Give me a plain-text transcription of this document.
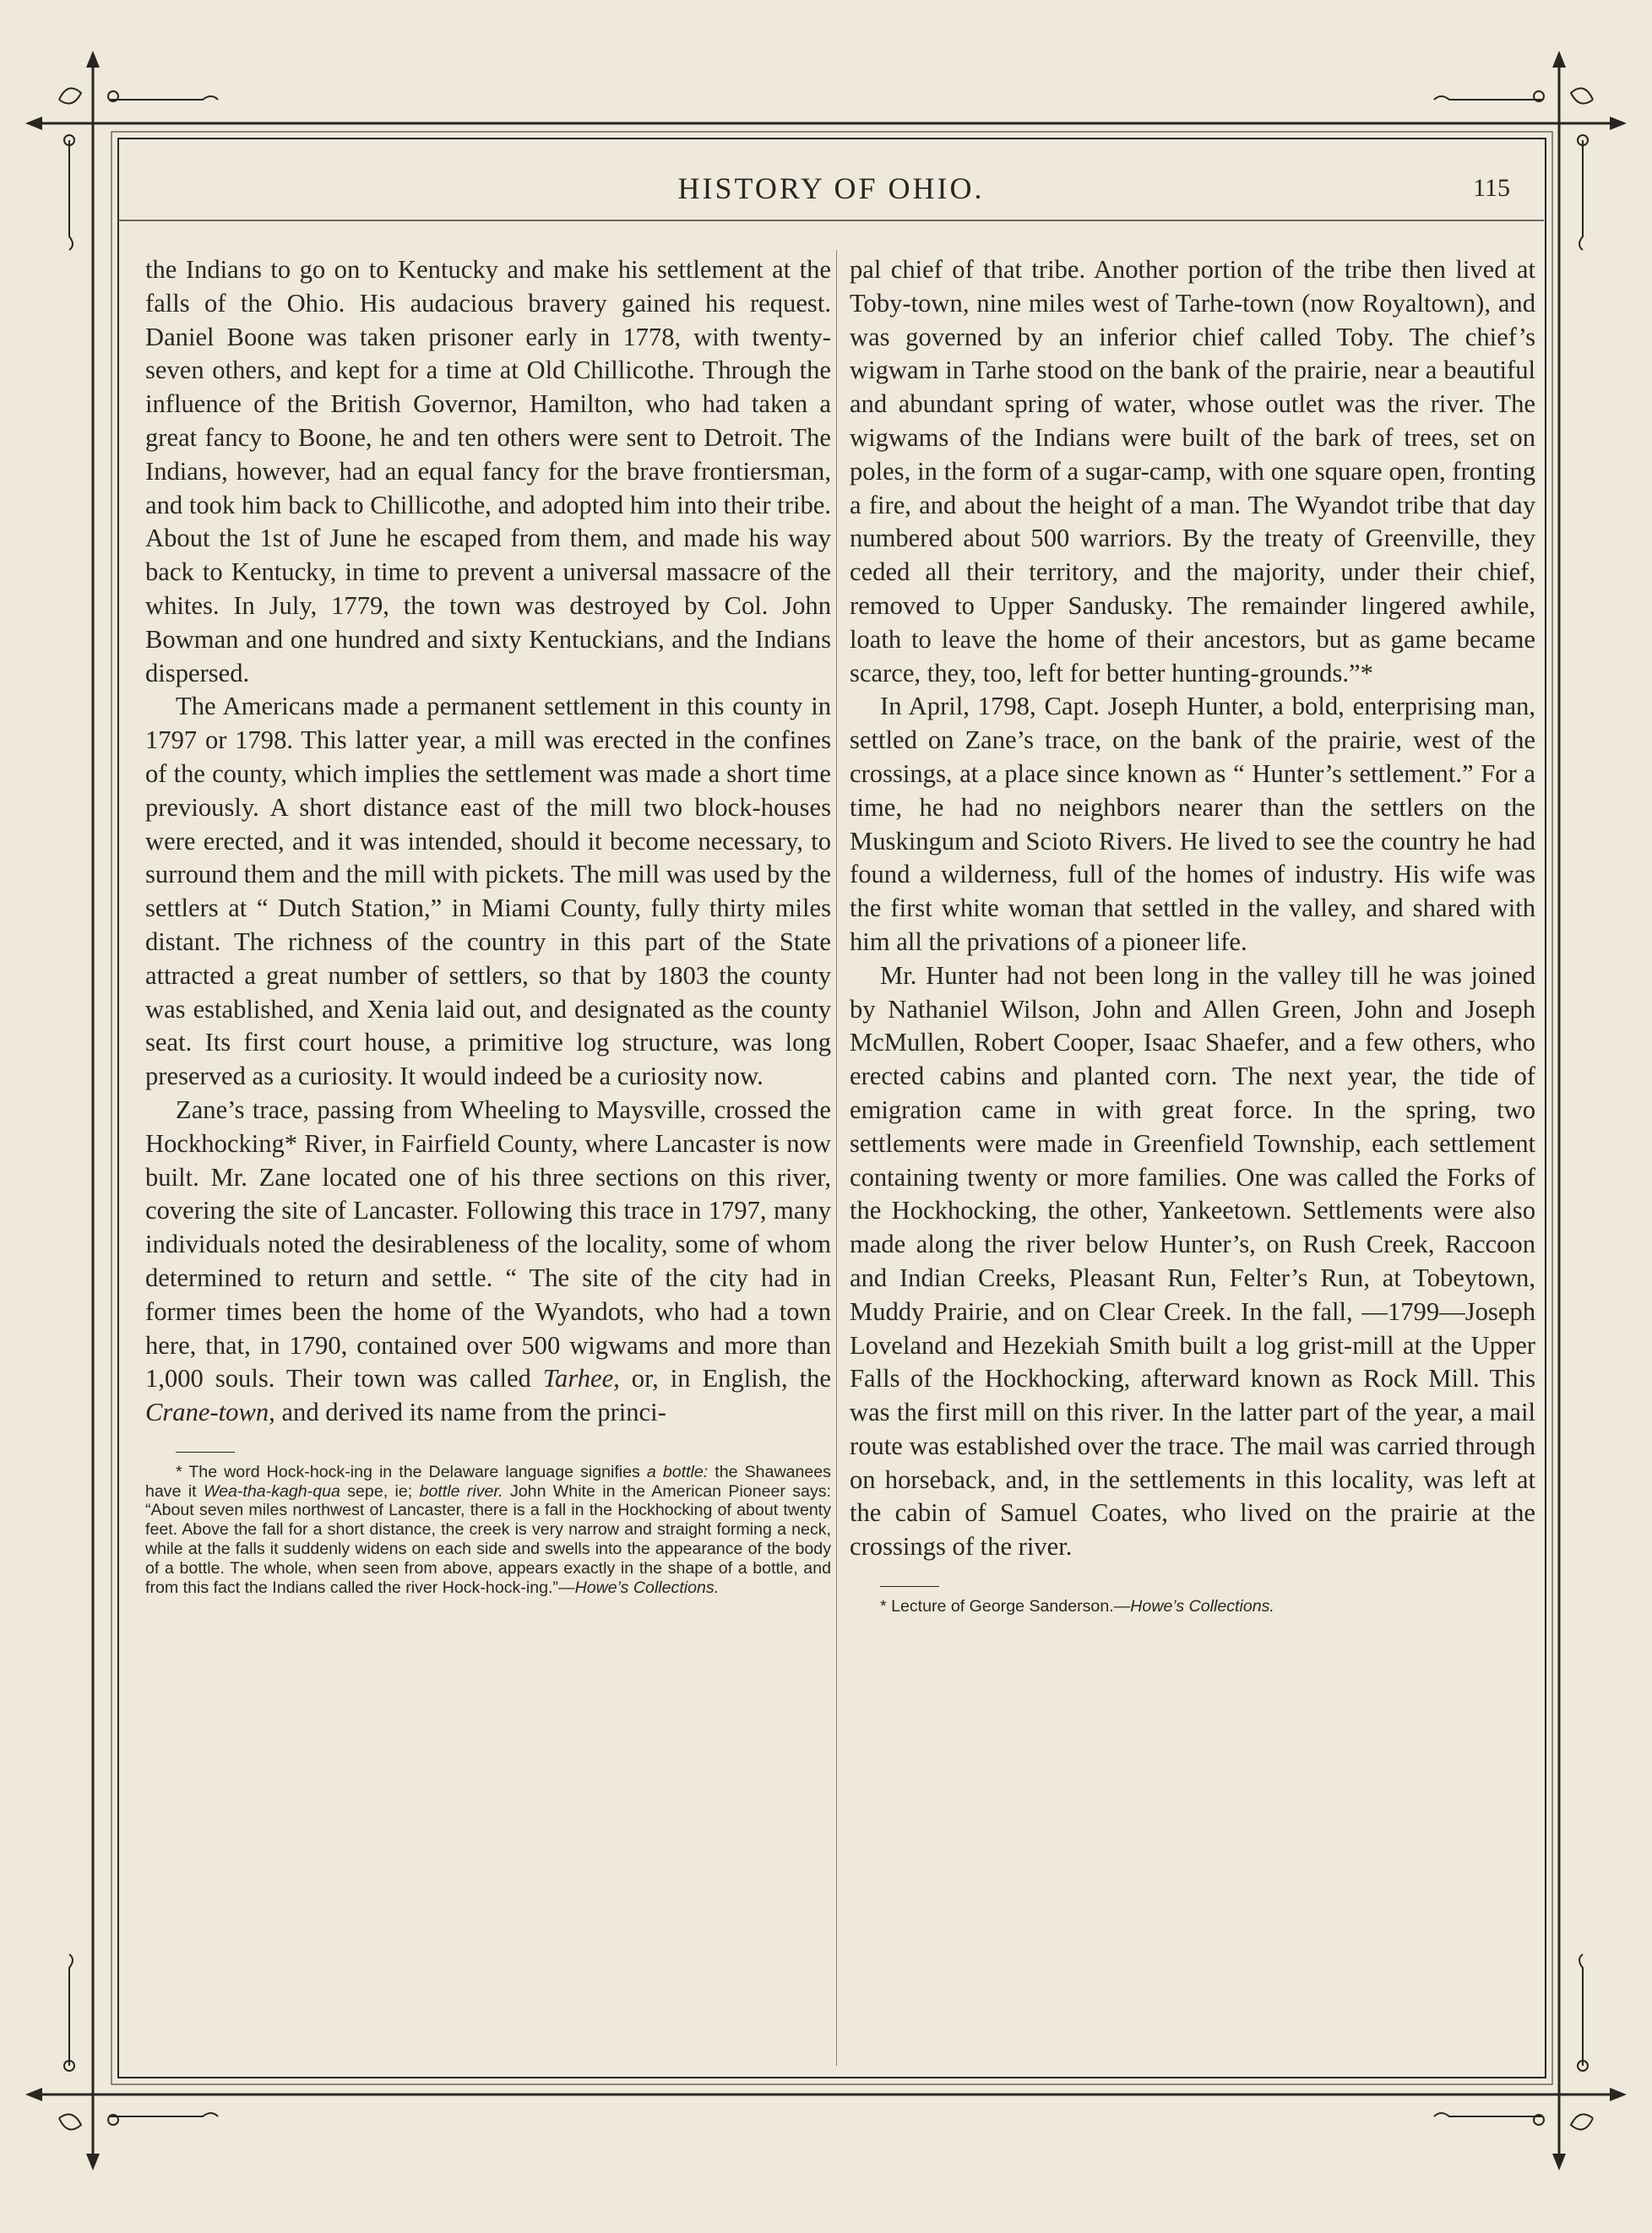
HISTORY OF OHIO.	115

the Indians to go on to Kentucky and make his settlement at the falls of the Ohio. His audacious bravery gained his request. Daniel Boone was taken prisoner early in 1778, with twenty-seven others, and kept for a time at Old Chillicothe. Through the influence of the British Governor, Hamilton, who had taken a great fancy to Boone, he and ten others were sent to Detroit. The Indians, however, had an equal fancy for the brave frontiersman, and took him back to Chillicothe, and adopted him into their tribe. About the 1st of June he escaped from them, and made his way back to Kentucky, in time to prevent a universal massacre of the whites. In July, 1779, the town was destroyed by Col. John Bowman and one hundred and sixty Kentuckians, and the Indians dispersed.

The Americans made a permanent settlement in this county in 1797 or 1798. This latter year, a mill was erected in the confines of the county, which implies the settlement was made a short time previously. A short distance east of the mill two block-houses were erected, and it was intended, should it become necessary, to surround them and the mill with pickets. The mill was used by the settlers at “ Dutch Station,” in Miami County, fully thirty miles distant. The richness of the country in this part of the State attracted a great number of settlers, so that by 1803 the county was established, and Xenia laid out, and designated as the county seat. Its first court house, a primitive log structure, was long preserved as a curiosity. It would indeed be a curiosity now.

Zane’s trace, passing from Wheeling to Maysville, crossed the Hockhocking* River, in Fairfield County, where Lancaster is now built. Mr. Zane located one of his three sections on this river, covering the site of Lancaster. Following this trace in 1797, many individuals noted the desirableness of the locality, some of whom determined to return and settle. “ The site of the city had in former times been the home of the Wyandots, who had a town here, that, in 1790, contained over 500 wigwams and more than 1,000 souls. Their town was called Tarhee, or, in English, the Crane-town, and derived its name from the princi-

* The word Hock-hock-ing in the Delaware language signifies a bottle: the Shawanees have it Wea-tha-kagh-qua sepe, ie; bottle river. John White in the American Pioneer says: “About seven miles northwest of Lancaster, there is a fall in the Hockhocking of about twenty feet. Above the fall for a short distance, the creek is very narrow and straight forming a neck, while at the falls it suddenly widens on each side and swells into the appearance of the body of a bottle. The whole, when seen from above, appears exactly in the shape of a bottle, and from this fact the Indians called the river Hock-hock-ing.”—Howe’s Collections.

pal chief of that tribe. Another portion of the tribe then lived at Toby-town, nine miles west of Tarhe-town (now Royaltown), and was governed by an inferior chief called Toby. The chief’s wigwam in Tarhe stood on the bank of the prairie, near a beautiful and abundant spring of water, whose outlet was the river. The wigwams of the Indians were built of the bark of trees, set on poles, in the form of a sugar-camp, with one square open, fronting a fire, and about the height of a man. The Wyandot tribe that day numbered about 500 warriors. By the treaty of Greenville, they ceded all their territory, and the majority, under their chief, removed to Upper Sandusky. The remainder lingered awhile, loath to leave the home of their ancestors, but as game became scarce, they, too, left for better hunting-grounds.”*

In April, 1798, Capt. Joseph Hunter, a bold, enterprising man, settled on Zane’s trace, on the bank of the prairie, west of the crossings, at a place since known as “ Hunter’s settlement.” For a time, he had no neighbors nearer than the settlers on the Muskingum and Scioto Rivers. He lived to see the country he had found a wilderness, full of the homes of industry. His wife was the first white woman that settled in the valley, and shared with him all the privations of a pioneer life.

Mr. Hunter had not been long in the valley till he was joined by Nathaniel Wilson, John and Allen Green, John and Joseph McMullen, Robert Cooper, Isaac Shaefer, and a few others, who erected cabins and planted corn. The next year, the tide of emigration came in with great force. In the spring, two settlements were made in Greenfield Township, each settlement containing twenty or more families. One was called the Forks of the Hockhocking, the other, Yankeetown. Settlements were also made along the river below Hunter’s, on Rush Creek, Raccoon and Indian Creeks, Pleasant Run, Felter’s Run, at Tobeytown, Muddy Prairie, and on Clear Creek. In the fall, —1799—Joseph Loveland and Hezekiah Smith built a log grist-mill at the Upper Falls of the Hockhocking, afterward known as Rock Mill. This was the first mill on this river. In the latter part of the year, a mail route was established over the trace. The mail was carried through on horseback, and, in the settlements in this locality, was left at the cabin of Samuel Coates, who lived on the prairie at the crossings of the river.

* Lecture of George Sanderson.—Howe’s Collections.
